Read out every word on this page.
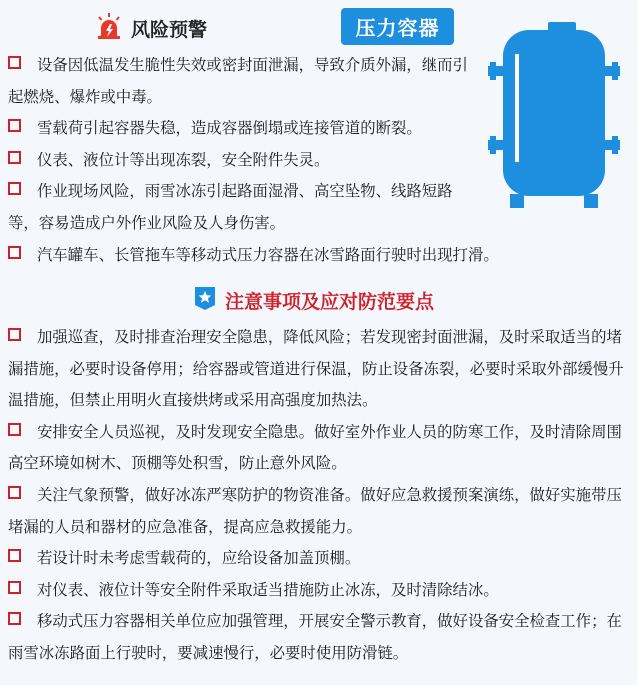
风险预警	压力容器
设备因低温发生脆性失效或密封面泄漏，导致介质外漏，继而引起燃烧、爆炸或中毒。
雪载荷引起容器失稳，造成容器倒塌或连接管道的断裂。
仪表、液位计等出现冻裂，安全附件失灵。
作业现场风险，雨雪冰冻引起路面湿滑、高空坠物、线路短路等，容易造成户外作业风险及人身伤害。
汽车罐车、长管拖车等移动式压力容器在冰雪路面行驶时出现打滑。
注意事项及应对防范要点
加强巡查，及时排查治理安全隐患，降低风险；若发现密封面泄漏，及时采取适当的堵漏措施，必要时设备停用；给容器或管道进行保温，防止设备冻裂，必要时采取外部缓慢升温措施，但禁止用明火直接烘烤或采用高强度加热法。
安排安全人员巡视，及时发现安全隐患。做好室外作业人员的防寒工作，及时清除周围高空环境如树木、顶棚等处积雪，防止意外风险。
关注气象预警，做好冰冻严寒防护的物资准备。做好应急救援预案演练，做好实施带压堵漏的人员和器材的应急准备，提高应急救援能力。
若设计时未考虑雪载荷的，应给设备加盖顶棚。
对仪表、液位计等安全附件采取适当措施防止冰冻，及时清除结冰。
移动式压力容器相关单位应加强管理，开展安全警示教育，做好设备安全检查工作；在雨雪冰冻路面上行驶时，要减速慢行，必要时使用防滑链。
